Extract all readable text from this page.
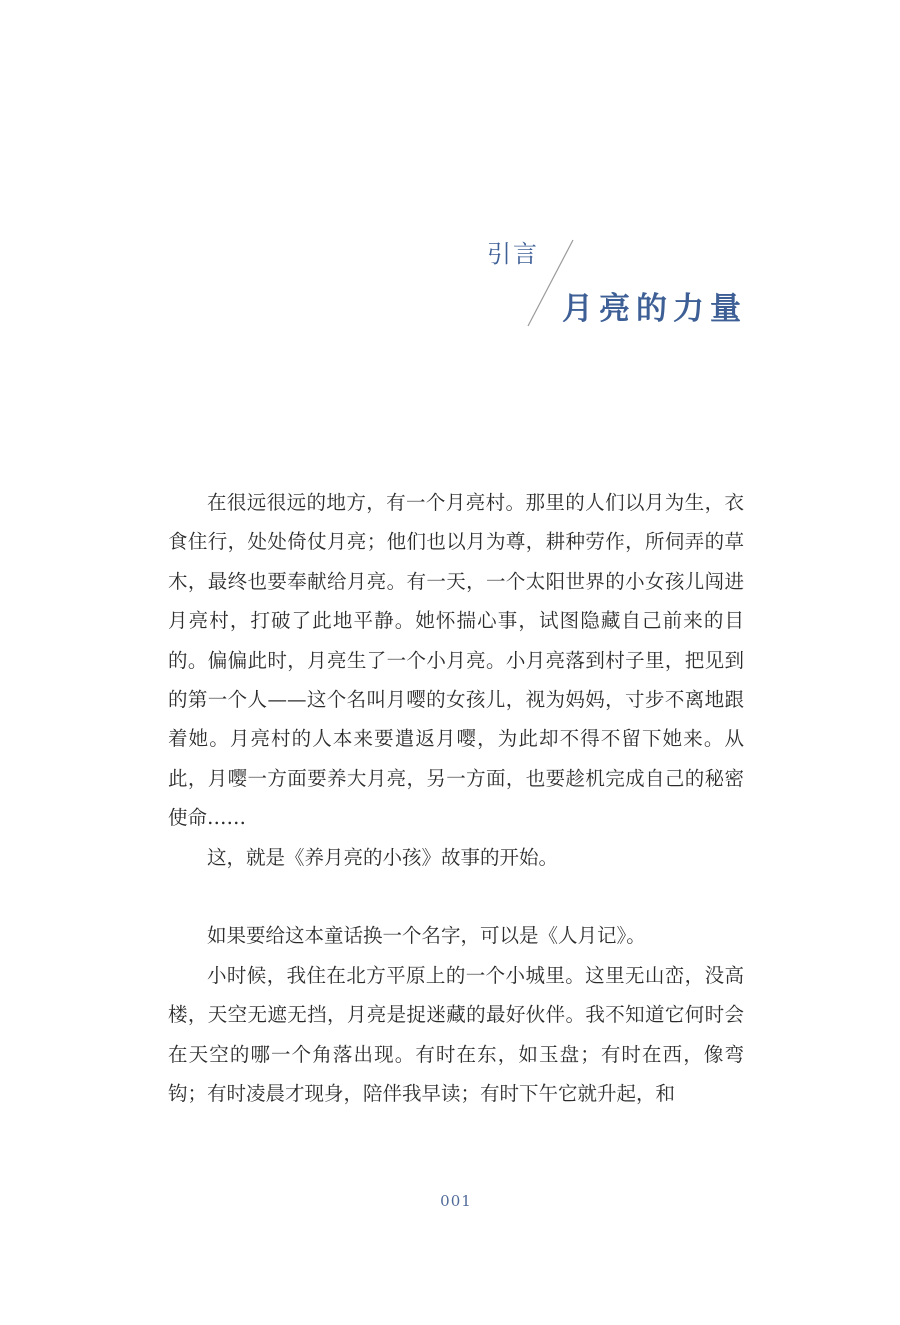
引言
月亮的力量

在很远很远的地方，有一个月亮村。那里的人们以月为生，衣食住行，处处倚仗月亮；他们也以月为尊，耕种劳作，所伺弄的草木，最终也要奉献给月亮。有一天，一个太阳世界的小女孩儿闯进月亮村，打破了此地平静。她怀揣心事，试图隐藏自己前来的目的。偏偏此时，月亮生了一个小月亮。小月亮落到村子里，把见到的第一个人——这个名叫月嘤的女孩儿，视为妈妈，寸步不离地跟着她。月亮村的人本来要遣返月嘤，为此却不得不留下她来。从此，月嘤一方面要养大月亮，另一方面，也要趁机完成自己的秘密使命……

这，就是《养月亮的小孩》故事的开始。

如果要给这本童话换一个名字，可以是《人月记》。

小时候，我住在北方平原上的一个小城里。这里无山峦，没高楼，天空无遮无挡，月亮是捉迷藏的最好伙伴。我不知道它何时会在天空的哪一个角落出现。有时在东，如玉盘；有时在西，像弯钩；有时凌晨才现身，陪伴我早读；有时下午它就升起，和

001
